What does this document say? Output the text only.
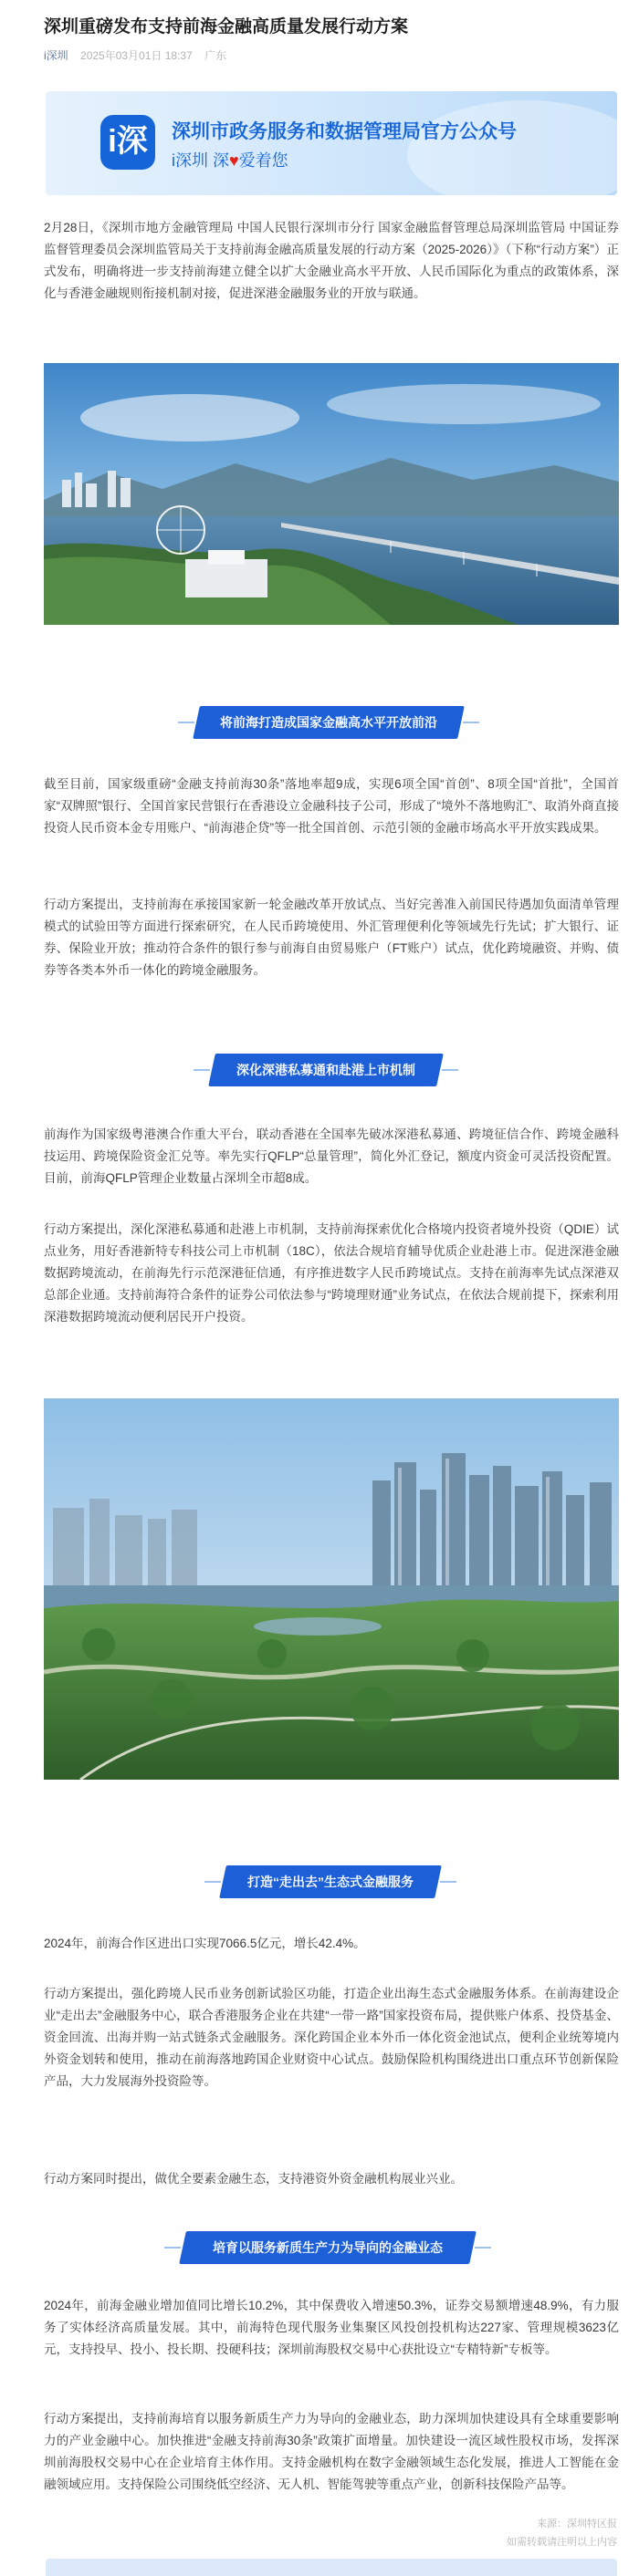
深圳重磅发布支持前海金融高质量发展行动方案
i深圳 2025年03月01日 18:37 广东
i深	深圳市政务服务和数据管理局官方公众号
i深圳 深♥爱着您

2月28日，《深圳市地方金融管理局 中国人民银行深圳市分行 国家金融监督管理总局深圳监管局 中国证券监督管理委员会深圳监管局关于支持前海金融高质量发展的行动方案（2025-2026）》（下称“行动方案”）正式发布，明确将进一步支持前海建立健全以扩大金融业高水平开放、人民币国际化为重点的政策体系，深化与香港金融规则衔接机制对接，促进深港金融服务业的开放与联通。

将前海打造成国家金融高水平开放前沿

截至目前，国家级重磅“金融支持前海30条”落地率超9成，实现6项全国“首创”、8项全国“首批”，全国首家“双牌照”银行、全国首家民营银行在香港设立金融科技子公司，形成了“境外不落地购汇”、取消外商直接投资人民币资本金专用账户、“前海港企贷”等一批全国首创、示范引领的金融市场高水平开放实践成果。

行动方案提出，支持前海在承接国家新一轮金融改革开放试点、当好完善准入前国民待遇加负面清单管理模式的试验田等方面进行探索研究，在人民币跨境使用、外汇管理便利化等领域先行先试；扩大银行、证券、保险业开放；推动符合条件的银行参与前海自由贸易账户（FT账户）试点，优化跨境融资、并购、债券等各类本外币一体化的跨境金融服务。

深化深港私募通和赴港上市机制

前海作为国家级粤港澳合作重大平台，联动香港在全国率先破冰深港私募通、跨境征信合作、跨境金融科技运用、跨境保险资金汇兑等。率先实行QFLP“总量管理”，简化外汇登记，额度内资金可灵活投资配置。目前，前海QFLP管理企业数量占深圳全市超8成。

行动方案提出，深化深港私募通和赴港上市机制，支持前海探索优化合格境内投资者境外投资（QDIE）试点业务，用好香港新特专科技公司上市机制（18C），依法合规培育辅导优质企业赴港上市。促进深港金融数据跨境流动，在前海先行示范深港征信通，有序推进数字人民币跨境试点。支持在前海率先试点深港双总部企业通。支持前海符合条件的证券公司依法参与“跨境理财通”业务试点，在依法合规前提下，探索利用深港数据跨境流动便利居民开户投资。

打造“走出去”生态式金融服务

2024年，前海合作区进出口实现7066.5亿元，增长42.4%。

行动方案提出，强化跨境人民币业务创新试验区功能，打造企业出海生态式金融服务体系。在前海建设企业“走出去”金融服务中心，联合香港服务企业在共建“一带一路”国家投资布局，提供账户体系、投贷基金、资金回流、出海并购一站式链条式金融服务。深化跨国企业本外币一体化资金池试点，便利企业统筹境内外资金划转和使用，推动在前海落地跨国企业财资中心试点。鼓励保险机构围绕进出口重点环节创新保险产品，大力发展海外投资险等。

行动方案同时提出，做优全要素金融生态，支持港资外资金融机构展业兴业。

培育以服务新质生产力为导向的金融业态

2024年，前海金融业增加值同比增长10.2%，其中保费收入增速50.3%，证券交易额增速48.9%，有力服务了实体经济高质量发展。其中，前海特色现代服务业集聚区风投创投机构达227家、管理规模3623亿元，支持投早、投小、投长期、投硬科技；深圳前海股权交易中心获批设立“专精特新”专板等。

行动方案提出，支持前海培育以服务新质生产力为导向的金融业态，助力深圳加快建设具有全球重要影响力的产业金融中心。加快推进“金融支持前海30条”政策扩面增量。加快建设一流区域性股权市场，发挥深圳前海股权交易中心在企业培育主体作用。支持金融机构在数字金融领域生态化发展，推进人工智能在金融领域应用。支持保险公司围绕低空经济、无人机、智能驾驶等重点产业，创新科技保险产品等。

来源：深圳特区报
如需转载请注明以上内容
